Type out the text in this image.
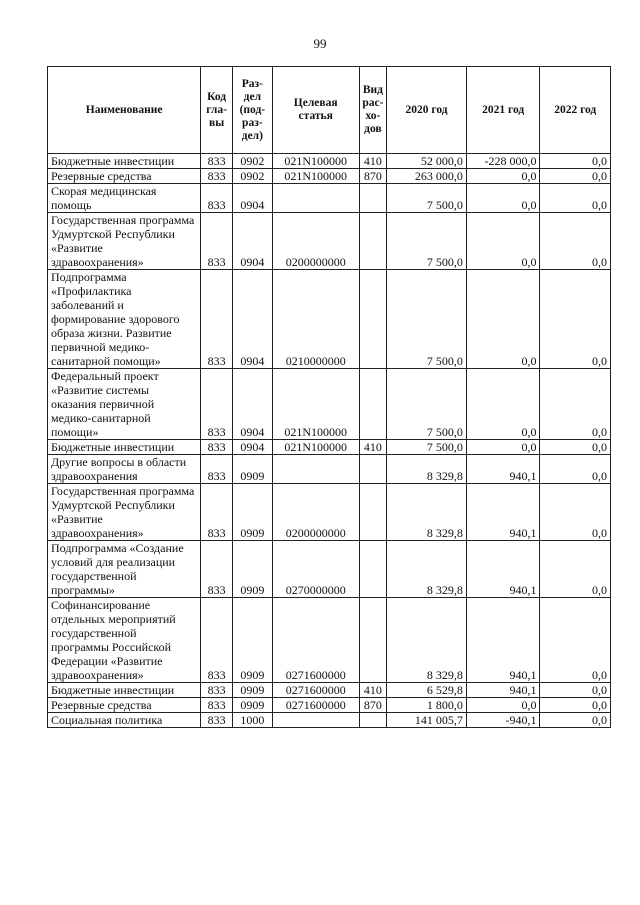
99
Наименование	Код
гла-
вы	Раз-
дел
(под-
раз-
дел)	Целевая
статья	Вид
рас-
хо-
дов	2020 год	2021 год	2022 год
Бюджетные инвестиции	833	0902	021N100000	410	52 000,0	-228 000,0	0,0
Резервные средства	833	0902	021N100000	870	263 000,0	0,0	0,0
Скорая медицинская помощь	833	0904			7 500,0	0,0	0,0
Государственная программа Удмуртской Республики «Развитие здравоохранения»	833	0904	0200000000		7 500,0	0,0	0,0
Подпрограмма «Профилактика заболеваний и формирование здорового образа жизни. Развитие первичной медико-санитарной помощи»	833	0904	0210000000		7 500,0	0,0	0,0
Федеральный проект «Развитие системы оказания первичной медико-санитарной помощи»	833	0904	021N100000		7 500,0	0,0	0,0
Бюджетные инвестиции	833	0904	021N100000	410	7 500,0	0,0	0,0
Другие вопросы в области здравоохранения	833	0909			8 329,8	940,1	0,0
Государственная программа Удмуртской Республики «Развитие здравоохранения»	833	0909	0200000000		8 329,8	940,1	0,0
Подпрограмма «Создание условий для реализации государственной программы»	833	0909	0270000000		8 329,8	940,1	0,0
Софинансирование отдельных мероприятий государственной программы Российской Федерации «Развитие здравоохранения»	833	0909	0271600000		8 329,8	940,1	0,0
Бюджетные инвестиции	833	0909	0271600000	410	6 529,8	940,1	0,0
Резервные средства	833	0909	0271600000	870	1 800,0	0,0	0,0
Социальная политика	833	1000			141 005,7	-940,1	0,0
